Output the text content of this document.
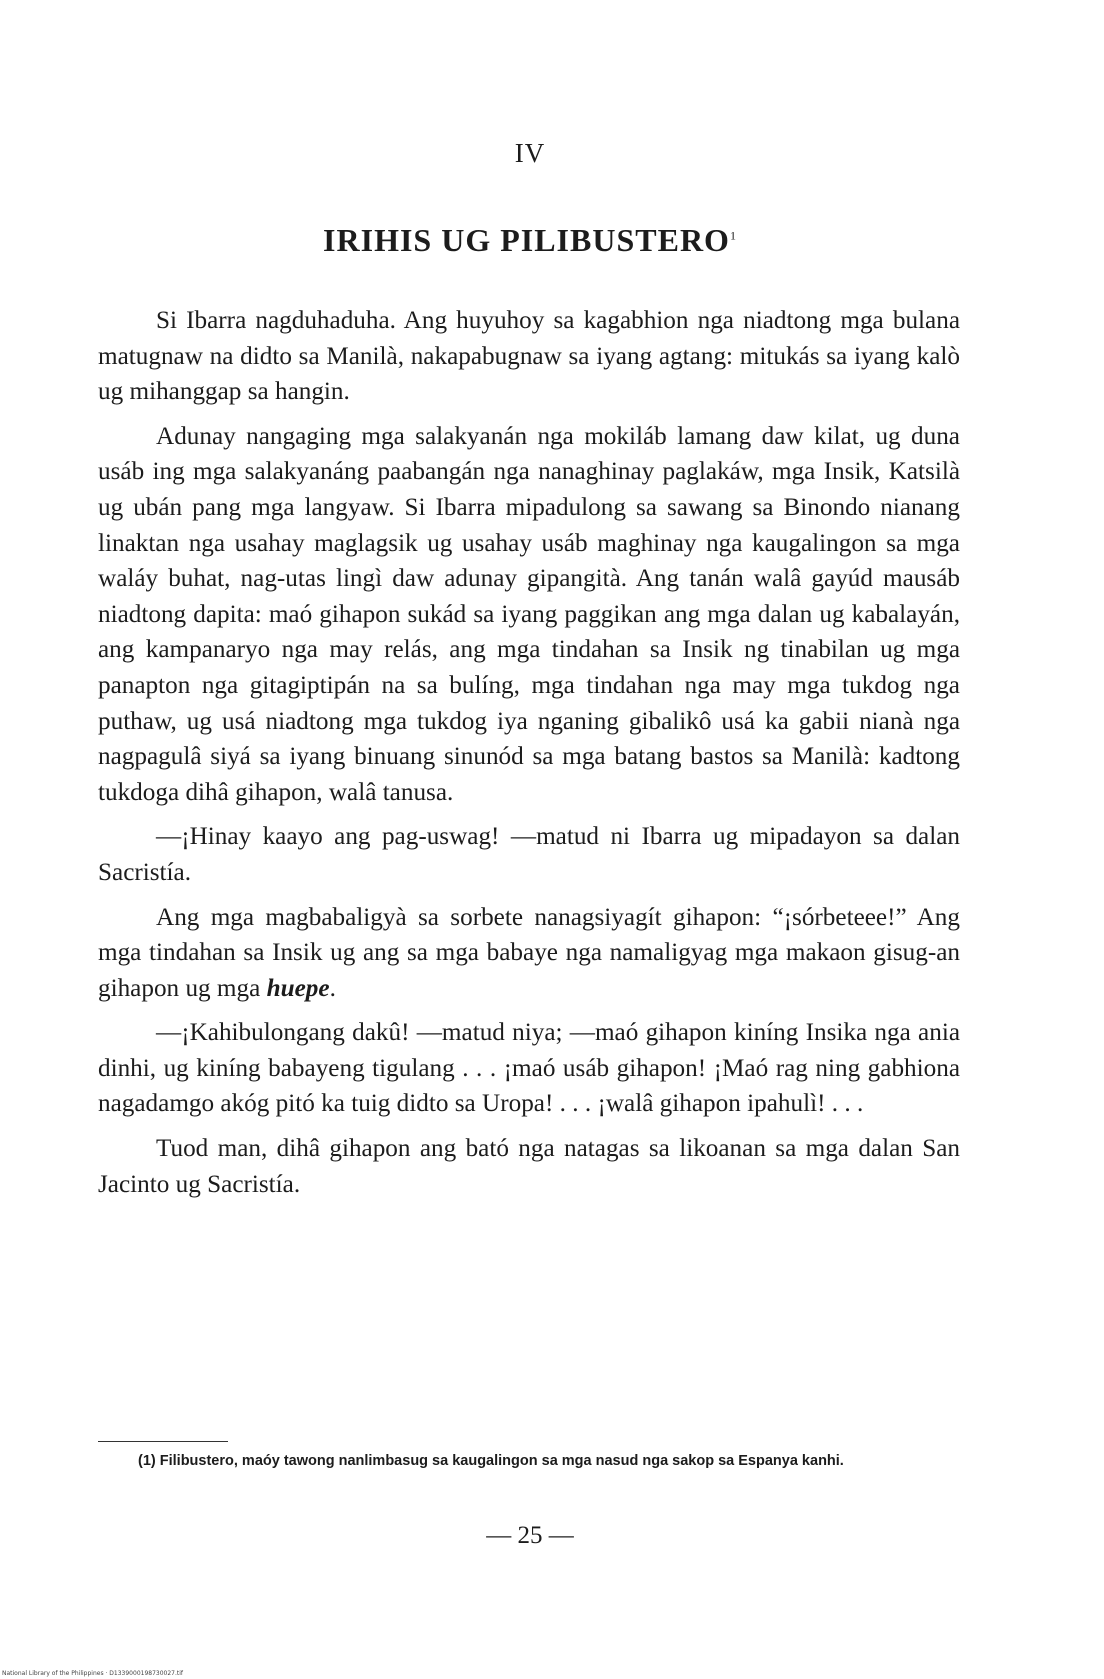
IV
IRIHIS UG PILIBUSTERO$^1$

Si Ibarra nagduhaduha. Ang huyuhoy sa kagabhion nga niadtong mga bulana matugnaw na didto sa Manilà, nakapabugnaw sa iyang agtang: mitukás sa iyang kalò ug mihanggap sa hangin.

Adunay nangaging mga salakyanán nga mokiláb lamang daw kilat, ug duna usáb ing mga salakyanáng paabangán nga nanaghinay paglakáw, mga Insik, Katsilà ug ubán pang mga langyaw. Si Ibarra mipadulong sa sawang sa Binondo nianang linaktan nga usahay maglagsik ug usahay usáb maghinay nga kaugalingon sa mga waláy buhat, nag-utas lingì daw adunay gipangità. Ang tanán walâ gayúd mausáb niadtong dapita: maó gihapon sukád sa iyang paggikan ang mga dalan ug kabalayán, ang kampanaryo nga may relás, ang mga tindahan sa Insik ng tinabilan ug mga panapton nga gitagiptipán na sa bulíng, mga tindahan nga may mga tukdog nga puthaw, ug usá niadtong mga tukdog iya nganing gibalikô usá ka gabii nianà nga nagpagulâ siyá sa iyang binuang sinunód sa mga batang bastos sa Manilà: kadtong tukdoga dihâ gihapon, walâ tanusa.

—¡Hinay kaayo ang pag-uswag! —matud ni Ibarra ug mipadayon sa dalan Sacristía.

Ang mga magbabaligyà sa sorbete nanagsiyagít gihapon: “¡sórbeteee!” Ang mga tindahan sa Insik ug ang sa mga babaye nga namaligyag mga makaon gisug-an gihapon ug mga huepe.

—¡Kahibulongang dakû! —matud niya; —maó gihapon kiníng Insika nga ania dinhi, ug kiníng babayeng tigulang . . . ¡maó usáb gihapon! ¡Maó rag ning gabhiona nagadamgo akóg pitó ka tuig didto sa Uropa! . . . ¡walâ gihapon ipahulì! . . .

Tuod man, dihâ gihapon ang bató nga natagas sa likoanan sa mga dalan San Jacinto ug Sacristía.

(1) Filibustero, maóy tawong nanlimbasug sa kaugalingon sa mga nasud nga sakop sa Espanya kanhi.
— 25 —
National Library of the Philippines · D1339000198730027.tif
